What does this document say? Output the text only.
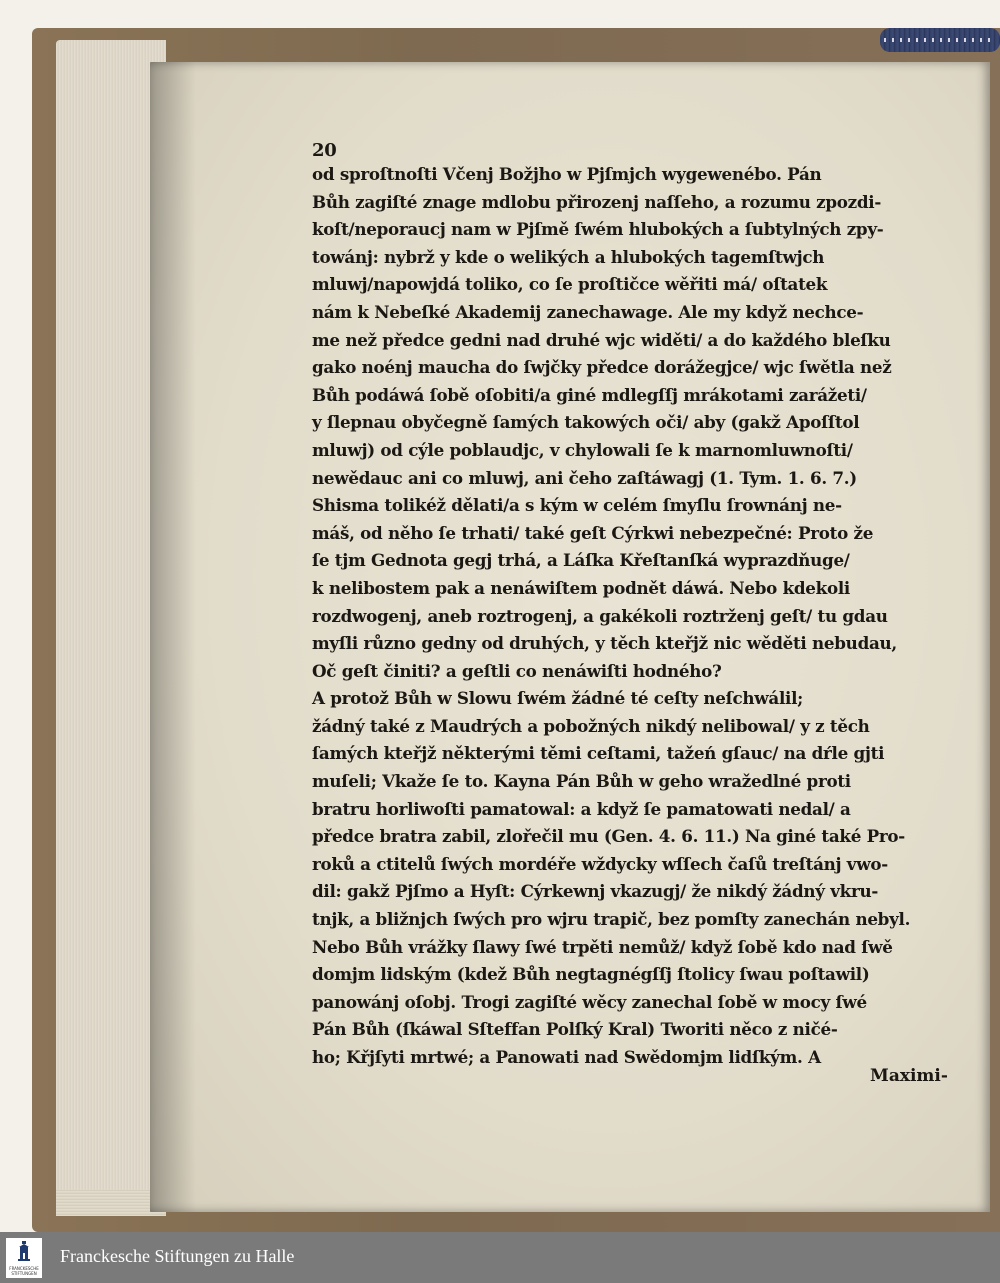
20
od sproſtnoſti Včenj Božjho w Pjſmjch wygewenébo. Pán
Bůh zagiſté znage mdlobu přirozenj naſſeho, a rozumu zpozdi-
koſt/neporaucj nam w Pjſmě ſwém hlubokých a ſubtylných zpy-
towánj: nybrž y kde o welikých a hlubokých tagemſtwjch
mluwj/napowjdá toliko, co ſe proſtičce wěřiti má/ oſtatek
nám k Nebeſké Akademij zanechawage. Ale my když nechce-
me než předce gedni nad druhé wjc widěti/ a do každého bleſku
gako noénj maucha do ſwjčky předce dorážegjce/ wjc ſwětla než
Bůh podáwá ſobě oſobiti/a giné mdlegſſj mrákotami zarážeti/
y ſlepnau obyčegně ſamých takowých oči/ aby (gakž Apoſſtol
mluwj) od cýle poblaudjc, v chylowali ſe k marnomluwnoſti/
newědauc ani co mluwj, ani čeho zaſtáwagj (1. Tym. 1. 6. 7.)
Shisma tolikéž dělati/a s kým w celém ſmyſlu ſrownánj ne-
máš, od něho ſe trhati/ také geſt Cýrkwi nebezpečné: Proto že
ſe tjm Gednota gegj trhá, a Láſka Křeſtanſká wyprazdňuge/
k nelibostem pak a nenáwiſtem podnět dáwá. Nebo kdekoli
rozdwogenj, aneb roztrogenj, a gakékoli roztrženj geſt/ tu gdau
myſli různo gedny od druhých, y těch kteřjž nic wěděti nebudau,
Oč geſt činiti? a geſtli co nenáwiſti hodného?
A protož Bůh w Slowu ſwém žádné té ceſty neſchwálil;
žádný také z Maudrých a pobožných nikdý nelibowal/ y z těch
ſamých kteřjž některými těmi ceſtami, tažeń gſauc/ na dŕle gjti
muſeli; Vkaže ſe to. Kayna Pán Bůh w geho wražedlné proti
bratru horliwoſti pamatowal: a když ſe pamatowati nedal/ a
předce bratra zabil, zlořečil mu (Gen. 4. 6. 11.) Na giné také Pro-
roků a ctitelů ſwých mordéře wždycky wſſech čaſů treſtánj vwo-
dil: gakž Pjſmo a Hyſt: Cýrkewnj vkazugj/ že nikdý žádný vkru-
tnjk, a bližnjch ſwých pro wjru trapič, bez pomſty zanechán nebyl.
Nebo Bůh vrážky ſlawy ſwé trpěti nemůž/ když ſobě kdo nad ſwě
domjm lidským (kdež Bůh negtagnégſſj ſtolicy ſwau poſtawil)
panowánj oſobj. Trogi zagiſté wěcy zanechal ſobě w mocy ſwé
Pán Bůh (ſkáwal Sſteffan Polſký Kral) Tworiti něco z ničé-
ho; Křjſyti mrtwé; a Panowati nad Swědomjm lidſkým. A
Maximi-
FRANCKESCHE STIFTUNGEN
Franckesche Stiftungen zu Halle
